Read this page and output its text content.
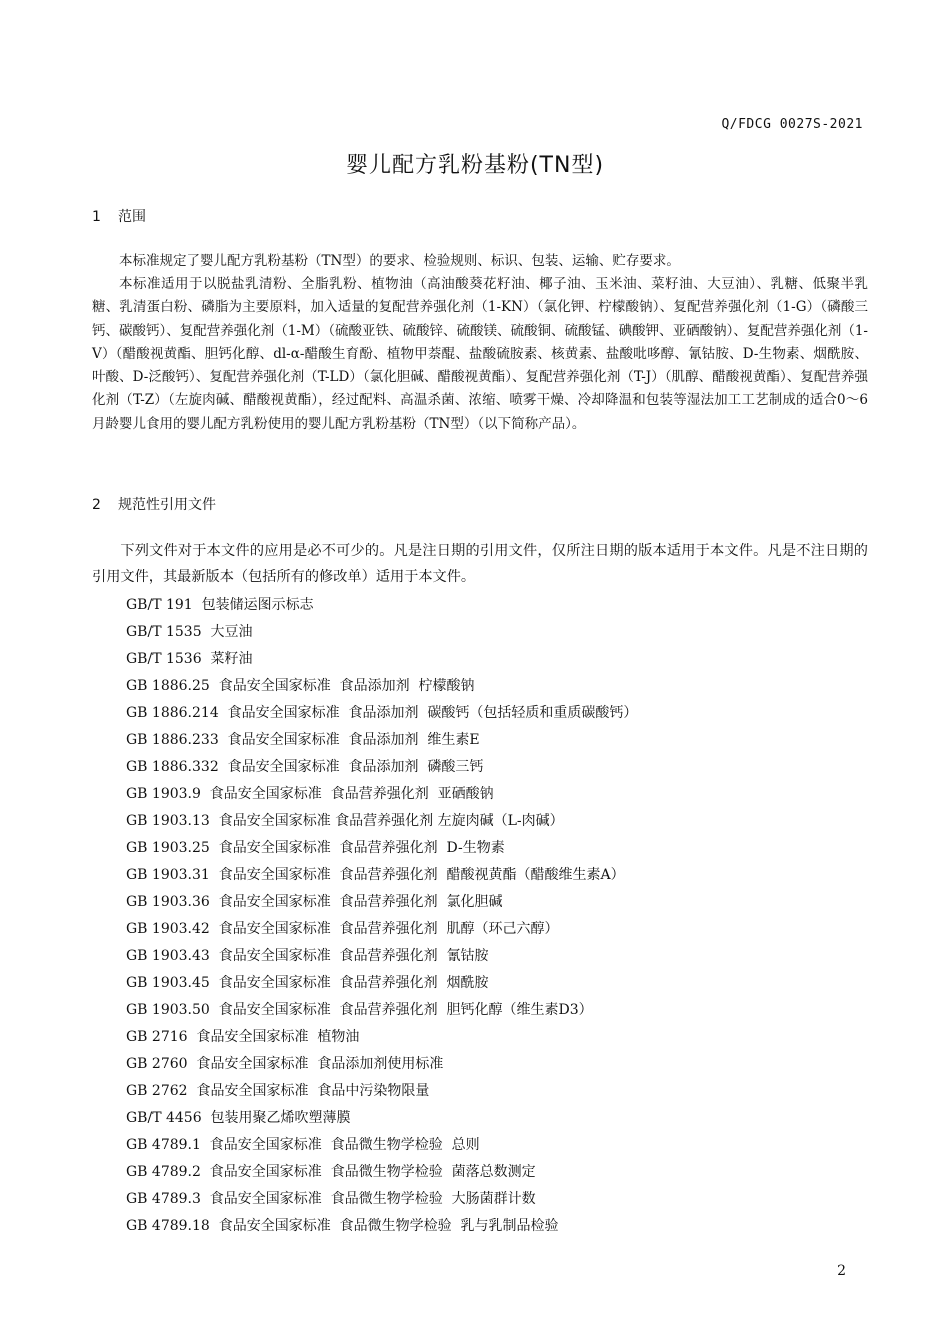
Q/FDCG 0027S-2021
婴儿配方乳粉基粉(TN型)
1 范围
本标准规定了婴儿配方乳粉基粉（TN型）的要求、检验规则、标识、包装、运输、贮存要求。
本标准适用于以脱盐乳清粉、全脂乳粉、植物油（高油酸葵花籽油、椰子油、玉米油、菜籽油、大豆油）、乳糖、低聚半乳糖、乳清蛋白粉、磷脂为主要原料，加入适量的复配营养强化剂（1-KN）（氯化钾、柠檬酸钠）、复配营养强化剂（1-G）（磷酸三钙、碳酸钙）、复配营养强化剂（1-M）（硫酸亚铁、硫酸锌、硫酸镁、硫酸铜、硫酸锰、碘酸钾、亚硒酸钠）、复配营养强化剂（1-V）（醋酸视黄酯、胆钙化醇、dl-α-醋酸生育酚、植物甲萘醌、盐酸硫胺素、核黄素、盐酸吡哆醇、氰钴胺、D-生物素、烟酰胺、叶酸、D-泛酸钙）、复配营养强化剂（T-LD）（氯化胆碱、醋酸视黄酯）、复配营养强化剂（T-J）（肌醇、醋酸视黄酯）、复配营养强化剂（T-Z）（左旋肉碱、醋酸视黄酯），经过配料、高温杀菌、浓缩、喷雾干燥、冷却降温和包装等湿法加工工艺制成的适合0～6月龄婴儿食用的婴儿配方乳粉使用的婴儿配方乳粉基粉（TN型）（以下简称产品）。
2 规范性引用文件
下列文件对于本文件的应用是必不可少的。凡是注日期的引用文件，仅所注日期的版本适用于本文件。凡是不注日期的引用文件，其最新版本（包括所有的修改单）适用于本文件。
GB/T 191  包装储运图示标志
GB/T 1535  大豆油
GB/T 1536  菜籽油
GB 1886.25  食品安全国家标准  食品添加剂  柠檬酸钠
GB 1886.214  食品安全国家标准  食品添加剂  碳酸钙（包括轻质和重质碳酸钙）
GB 1886.233  食品安全国家标准  食品添加剂  维生素E
GB 1886.332  食品安全国家标准  食品添加剂  磷酸三钙
GB 1903.9  食品安全国家标准  食品营养强化剂  亚硒酸钠
GB 1903.13  食品安全国家标准 食品营养强化剂 左旋肉碱（L-肉碱）
GB 1903.25  食品安全国家标准  食品营养强化剂  D-生物素
GB 1903.31  食品安全国家标准  食品营养强化剂  醋酸视黄酯（醋酸维生素A）
GB 1903.36  食品安全国家标准  食品营养强化剂  氯化胆碱
GB 1903.42  食品安全国家标准  食品营养强化剂  肌醇（环己六醇）
GB 1903.43  食品安全国家标准  食品营养强化剂  氰钴胺
GB 1903.45  食品安全国家标准  食品营养强化剂  烟酰胺
GB 1903.50  食品安全国家标准  食品营养强化剂  胆钙化醇（维生素D3）
GB 2716  食品安全国家标准  植物油
GB 2760  食品安全国家标准  食品添加剂使用标准
GB 2762  食品安全国家标准  食品中污染物限量
GB/T 4456  包装用聚乙烯吹塑薄膜
GB 4789.1  食品安全国家标准  食品微生物学检验  总则
GB 4789.2  食品安全国家标准  食品微生物学检验  菌落总数测定
GB 4789.3  食品安全国家标准  食品微生物学检验  大肠菌群计数
GB 4789.18  食品安全国家标准  食品微生物学检验  乳与乳制品检验
2
